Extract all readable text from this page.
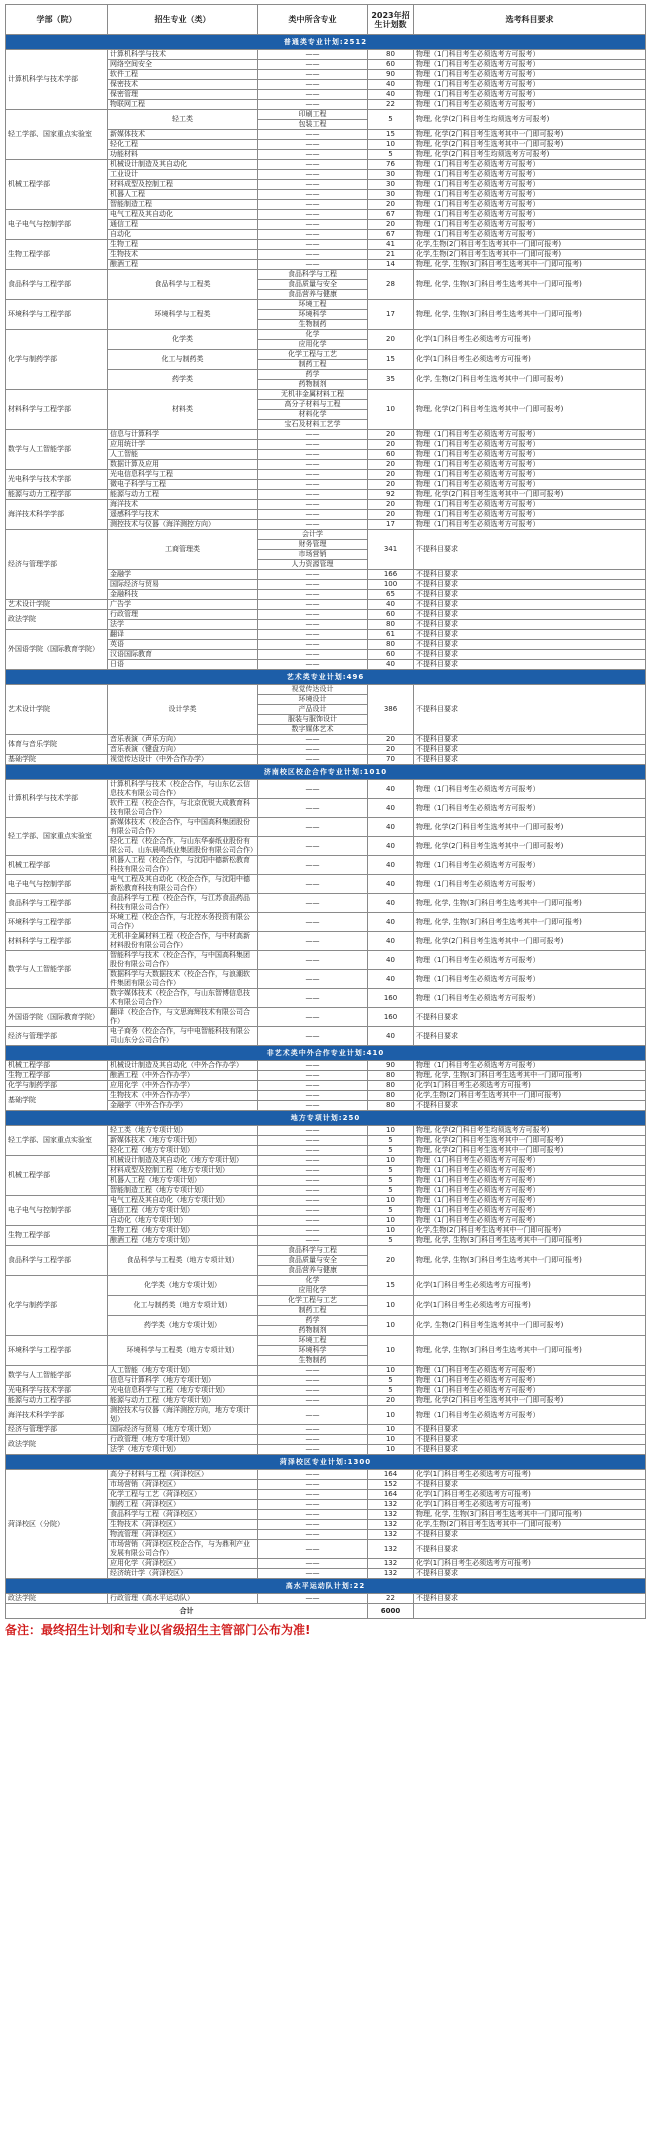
学部（院）	招生专业（类）	类中所含专业	2023年招生计划数	选考科目要求
普通类专业计划:2512				
计算机科学与技术学部	计算机科学与技术	——	80	物理（1门科目考生必须选考方可报考）
	网络空间安全	——	60	物理（1门科目考生必须选考方可报考）
	软件工程	——	90	物理（1门科目考生必须选考方可报考）
	保密技术	——	40	物理（1门科目考生必须选考方可报考）
	保密管理	——	40	物理（1门科目考生必须选考方可报考）
	物联网工程	——	22	物理（1门科目考生必须选考方可报考）
轻工学部、国家重点实验室	轻工类	印刷工程	5	物理, 化学(2门科目考生均须选考方可报考)
		包装工程		
	新媒体技术	——	15	物理, 化学(2门科目考生选考其中一门即可报考)
	轻化工程	——	10	物理, 化学(2门科目考生选考其中一门即可报考)
	功能材料	——	5	物理, 化学(2门科目考生均须选考方可报考)
机械工程学部	机械设计制造及其自动化	——	76	物理（1门科目考生必须选考方可报考）
	工业设计	——	30	物理（1门科目考生必须选考方可报考）
	材料成型及控制工程	——	30	物理（1门科目考生必须选考方可报考）
	机器人工程	——	30	物理（1门科目考生必须选考方可报考）
	智能制造工程	——	20	物理（1门科目考生必须选考方可报考）
电子电气与控制学部	电气工程及其自动化	——	67	物理（1门科目考生必须选考方可报考）
	通信工程	——	20	物理（1门科目考生必须选考方可报考）
	自动化	——	67	物理（1门科目考生必须选考方可报考）
生物工程学部	生物工程	——	41	化学,生物(2门科目考生选考其中一门即可报考)
	生物技术	——	21	化学,生物(2门科目考生选考其中一门即可报考)
	酿酒工程	——	14	物理, 化学, 生物(3门科目考生选考其中一门即可报考)
食品科学与工程学部	食品科学与工程类	食品科学与工程	28	物理, 化学, 生物(3门科目考生选考其中一门即可报考)
		食品质量与安全		
		食品营养与健康		
环境科学与工程学部	环境科学与工程类	环境工程	17	物理, 化学, 生物(3门科目考生选考其中一门即可报考)
		环境科学		
		生物制药		
化学与制药学部	化学类	化学	20	化学(1门科目考生必须选考方可报考)
		应用化学		
	化工与制药类	化学工程与工艺	15	化学(1门科目考生必须选考方可报考)
		制药工程		
	药学类	药学	35	化学, 生物(2门科目考生选考其中一门即可报考)
		药物制剂		
材料科学与工程学部	材料类	无机非金属材料工程	10	物理, 化学(2门科目考生选考其中一门即可报考)
		高分子材料与工程		
		材料化学		
		宝石及材料工艺学		
数学与人工智能学部	信息与计算科学	——	20	物理（1门科目考生必须选考方可报考）
	应用统计学	——	20	物理（1门科目考生必须选考方可报考）
	人工智能	——	60	物理（1门科目考生必须选考方可报考）
	数据计算及应用	——	20	物理（1门科目考生必须选考方可报考）
光电科学与技术学部	光电信息科学与工程	——	20	物理（1门科目考生必须选考方可报考）
	微电子科学与工程	——	20	物理（1门科目考生必须选考方可报考）
能源与动力工程学部	能源与动力工程	——	92	物理, 化学(2门科目考生选考其中一门即可报考)
海洋技术科学学部	海洋技术	——	20	物理（1门科目考生必须选考方可报考）
	遥感科学与技术	——	20	物理（1门科目考生必须选考方可报考）
	测控技术与仪器（海洋测控方向）	——	17	物理（1门科目考生必须选考方可报考）
经济与管理学部	工商管理类	会计学	341	不提科目要求
		财务管理		
		市场营销		
		人力资源管理		
	金融学	——	166	不提科目要求
	国际经济与贸易	——	100	不提科目要求
	金融科技	——	65	不提科目要求
艺术设计学院	广告学	——	40	不提科目要求
政法学院	行政管理	——	60	不提科目要求
	法学	——	80	不提科目要求
外国语学院（国际教育学院）	翻译	——	61	不提科目要求
	英语	——	80	不提科目要求
	汉语国际教育	——	60	不提科目要求
	日语	——	40	不提科目要求
艺术类专业计划:496				
艺术设计学院	设计学类	视觉传达设计	386	不提科目要求
		环境设计		
		产品设计		
		服装与服饰设计		
		数字媒体艺术		
体育与音乐学院	音乐表演（声乐方向）	——	20	不提科目要求
	音乐表演（键盘方向）	——	20	不提科目要求
基础学院	视觉传达设计（中外合作办学）	——	70	不提科目要求
济南校区校企合作专业计划:1010				
计算机科学与技术学部	计算机科学与技术（校企合作，与山东亿云信息技术有限公司合作）	——	40	物理（1门科目考生必须选考方可报考）
	软件工程（校企合作，与北京优锐大成教育科技有限公司合作）	——	40	物理（1门科目考生必须选考方可报考）
轻工学部、国家重点实验室	新媒体技术（校企合作，与中国高科集团股份有限公司合作）	——	40	物理, 化学(2门科目考生选考其中一门即可报考)
	轻化工程（校企合作，与山东华泰纸业股份有限公司、山东晨鸣纸业集团股份有限公司合作）	——	40	物理, 化学(2门科目考生选考其中一门即可报考)
机械工程学部	机器人工程（校企合作，与沈阳中德新松教育科技有限公司合作）	——	40	物理（1门科目考生必须选考方可报考）
电子电气与控制学部	电气工程及其自动化（校企合作，与沈阳中德新松教育科技有限公司合作）	——	40	物理（1门科目考生必须选考方可报考）
食品科学与工程学部	食品科学与工程（校企合作，与江苏食品药品科技有限公司合作）	——	40	物理, 化学, 生物(3门科目考生选考其中一门即可报考)
环境科学与工程学部	环境工程（校企合作，与北控水务投资有限公司合作）	——	40	物理, 化学, 生物(3门科目考生选考其中一门即可报考)
材料科学与工程学部	无机非金属材料工程（校企合作，与中材高新材料股份有限公司合作）	——	40	物理, 化学(2门科目考生选考其中一门即可报考)
数学与人工智能学部	智能科学与技术（校企合作，与中国高科集团股份有限公司合作）	——	40	物理（1门科目考生必须选考方可报考）
	数据科学与大数据技术（校企合作，与浪潮软件集团有限公司合作）	——	40	物理（1门科目考生必须选考方可报考）
	数字媒体技术（校企合作，与山东智博信息技术有限公司合作）	——	160	物理（1门科目考生必须选考方可报考）
外国语学院（国际教育学院）	翻译（校企合作，与文思海辉技术有限公司合作）	——	160	不提科目要求
经济与管理学部	电子商务（校企合作，与中电智能科技有限公司山东分公司合作）	——	40	不提科目要求
非艺术类中外合作专业计划:410				
机械工程学部	机械设计制造及其自动化（中外合作办学）	——	90	物理（1门科目考生必须选考方可报考）
生物工程学部	酿酒工程（中外合作办学）	——	80	物理, 化学, 生物(3门科目考生选考其中一门即可报考)
化学与制药学部	应用化学（中外合作办学）	——	80	化学(1门科目考生必须选考方可报考)
基础学院	生物技术（中外合作办学）	——	80	化学,生物(2门科目考生选考其中一门即可报考)
	金融学（中外合作办学）	——	80	不提科目要求
地方专项计划:250				
轻工学部、国家重点实验室	轻工类（地方专项计划）	——	10	物理, 化学(2门科目考生均须选考方可报考)
	新媒体技术（地方专项计划）	——	5	物理, 化学(2门科目考生选考其中一门即可报考)
	轻化工程（地方专项计划）	——	5	物理, 化学(2门科目考生选考其中一门即可报考)
机械工程学部	机械设计制造及其自动化（地方专项计划）	——	10	物理（1门科目考生必须选考方可报考）
	材料成型及控制工程（地方专项计划）	——	5	物理（1门科目考生必须选考方可报考）
	机器人工程（地方专项计划）	——	5	物理（1门科目考生必须选考方可报考）
	智能制造工程（地方专项计划）	——	5	物理（1门科目考生必须选考方可报考）
电子电气与控制学部	电气工程及其自动化（地方专项计划）	——	10	物理（1门科目考生必须选考方可报考）
	通信工程（地方专项计划）	——	5	物理（1门科目考生必须选考方可报考）
	自动化（地方专项计划）	——	10	物理（1门科目考生必须选考方可报考）
生物工程学部	生物工程（地方专项计划）	——	10	化学,生物(2门科目考生选考其中一门即可报考)
	酿酒工程（地方专项计划）	——	5	物理, 化学, 生物(3门科目考生选考其中一门即可报考)
食品科学与工程学部	食品科学与工程类（地方专项计划）	食品科学与工程	20	物理, 化学, 生物(3门科目考生选考其中一门即可报考)
		食品质量与安全		
		食品营养与健康		
化学与制药学部	化学类（地方专项计划）	化学	15	化学(1门科目考生必须选考方可报考)
		应用化学		
	化工与制药类（地方专项计划）	化学工程与工艺	10	化学(1门科目考生必须选考方可报考)
		制药工程		
	药学类（地方专项计划）	药学	10	化学, 生物(2门科目考生选考其中一门即可报考)
		药物制剂		
环境科学与工程学部	环境科学与工程类（地方专项计划）	环境工程	10	物理, 化学, 生物(3门科目考生选考其中一门即可报考)
		环境科学		
		生物制药		
数学与人工智能学部	人工智能（地方专项计划）	——	10	物理（1门科目考生必须选考方可报考）
	信息与计算科学（地方专项计划）	——	5	物理（1门科目考生必须选考方可报考）
光电科学与技术学部	光电信息科学与工程（地方专项计划）	——	5	物理（1门科目考生必须选考方可报考）
能源与动力工程学部	能源与动力工程（地方专项计划）	——	20	物理, 化学(2门科目考生选考其中一门即可报考)
海洋技术科学学部	测控技术与仪器（海洋测控方向，地方专项计划）	——	10	物理（1门科目考生必须选考方可报考）
经济与管理学部	国际经济与贸易（地方专项计划）	——	10	不提科目要求
政法学院	行政管理（地方专项计划）	——	10	不提科目要求
	法学（地方专项计划）	——	10	不提科目要求
菏泽校区专业计划:1300				
菏泽校区（分院）	高分子材料与工程（菏泽校区）	——	164	化学(1门科目考生必须选考方可报考)
	市场营销（菏泽校区）	——	152	不提科目要求
	化学工程与工艺（菏泽校区）	——	164	化学(1门科目考生必须选考方可报考)
	制药工程（菏泽校区）	——	132	化学(1门科目考生必须选考方可报考)
	食品科学与工程（菏泽校区）	——	132	物理, 化学, 生物(3门科目考生选考其中一门即可报考)
	生物技术（菏泽校区）	——	132	化学,生物(2门科目考生选考其中一门即可报考)
	物流管理（菏泽校区）	——	132	不提科目要求
	市场营销（菏泽校区校企合作，与为鼎利产业发展有限公司合作）	——	132	不提科目要求
	应用化学（菏泽校区）	——	132	化学(1门科目考生必须选考方可报考)
	经济统计学（菏泽校区）	——	132	不提科目要求
高水平运动队计划:22				
政法学院	行政管理（高水平运动队）	——	22	不提科目要求
合计			6000	
备注：最终招生计划和专业以省级招生主管部门公布为准!
